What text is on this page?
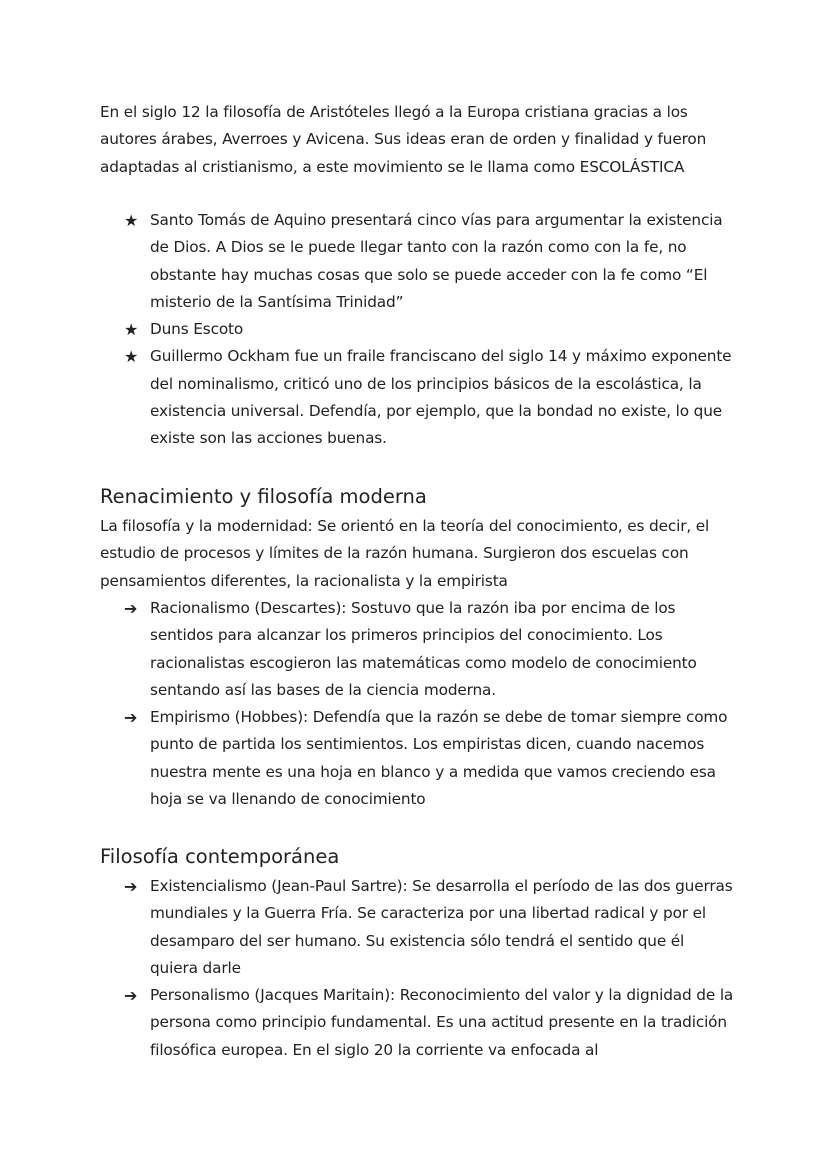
En el siglo 12 la filosofía de Aristóteles llegó a la Europa cristiana gracias a los autores árabes, Averroes y Avicena. Sus ideas eran de orden y finalidad y fueron adaptadas al cristianismo, a este movimiento se le llama como ESCOLÁSTICA

★ Santo Tomás de Aquino presentará cinco vías para argumentar la existencia de Dios. A Dios se le puede llegar tanto con la razón como con la fe, no obstante hay muchas cosas que solo se puede acceder con la fe como “El misterio de la Santísima Trinidad”
★ Duns Escoto
★ Guillermo Ockham fue un fraile franciscano del siglo 14 y máximo exponente del nominalismo, criticó uno de los principios básicos de la escolástica, la existencia universal. Defendía, por ejemplo, que la bondad no existe, lo que existe son las acciones buenas.
Renacimiento y filosofía moderna

La filosofía y la modernidad: Se orientó en la teoría del conocimiento, es decir, el estudio de procesos y límites de la razón humana. Surgieron dos escuelas con pensamientos diferentes, la racionalista y la empirista

➔ Racionalismo (Descartes): Sostuvo que la razón iba por encima de los sentidos para alcanzar los primeros principios del conocimiento. Los racionalistas escogieron las matemáticas como modelo de conocimiento sentando así las bases de la ciencia moderna.
➔ Empirismo (Hobbes): Defendía que la razón se debe de tomar siempre como punto de partida los sentimientos. Los empiristas dicen, cuando nacemos nuestra mente es una hoja en blanco y a medida que vamos creciendo esa hoja se va llenando de conocimiento
Filosofía contemporánea
➔ Existencialismo (Jean-Paul Sartre): Se desarrolla el período de las dos guerras mundiales y la Guerra Fría. Se caracteriza por una libertad radical y por el desamparo del ser humano. Su existencia sólo tendrá el sentido que él quiera darle
➔ Personalismo (Jacques Maritain): Reconocimiento del valor y la dignidad de la persona como principio fundamental. Es una actitud presente en la tradición filosófica europea. En el siglo 20 la corriente va enfocada al
